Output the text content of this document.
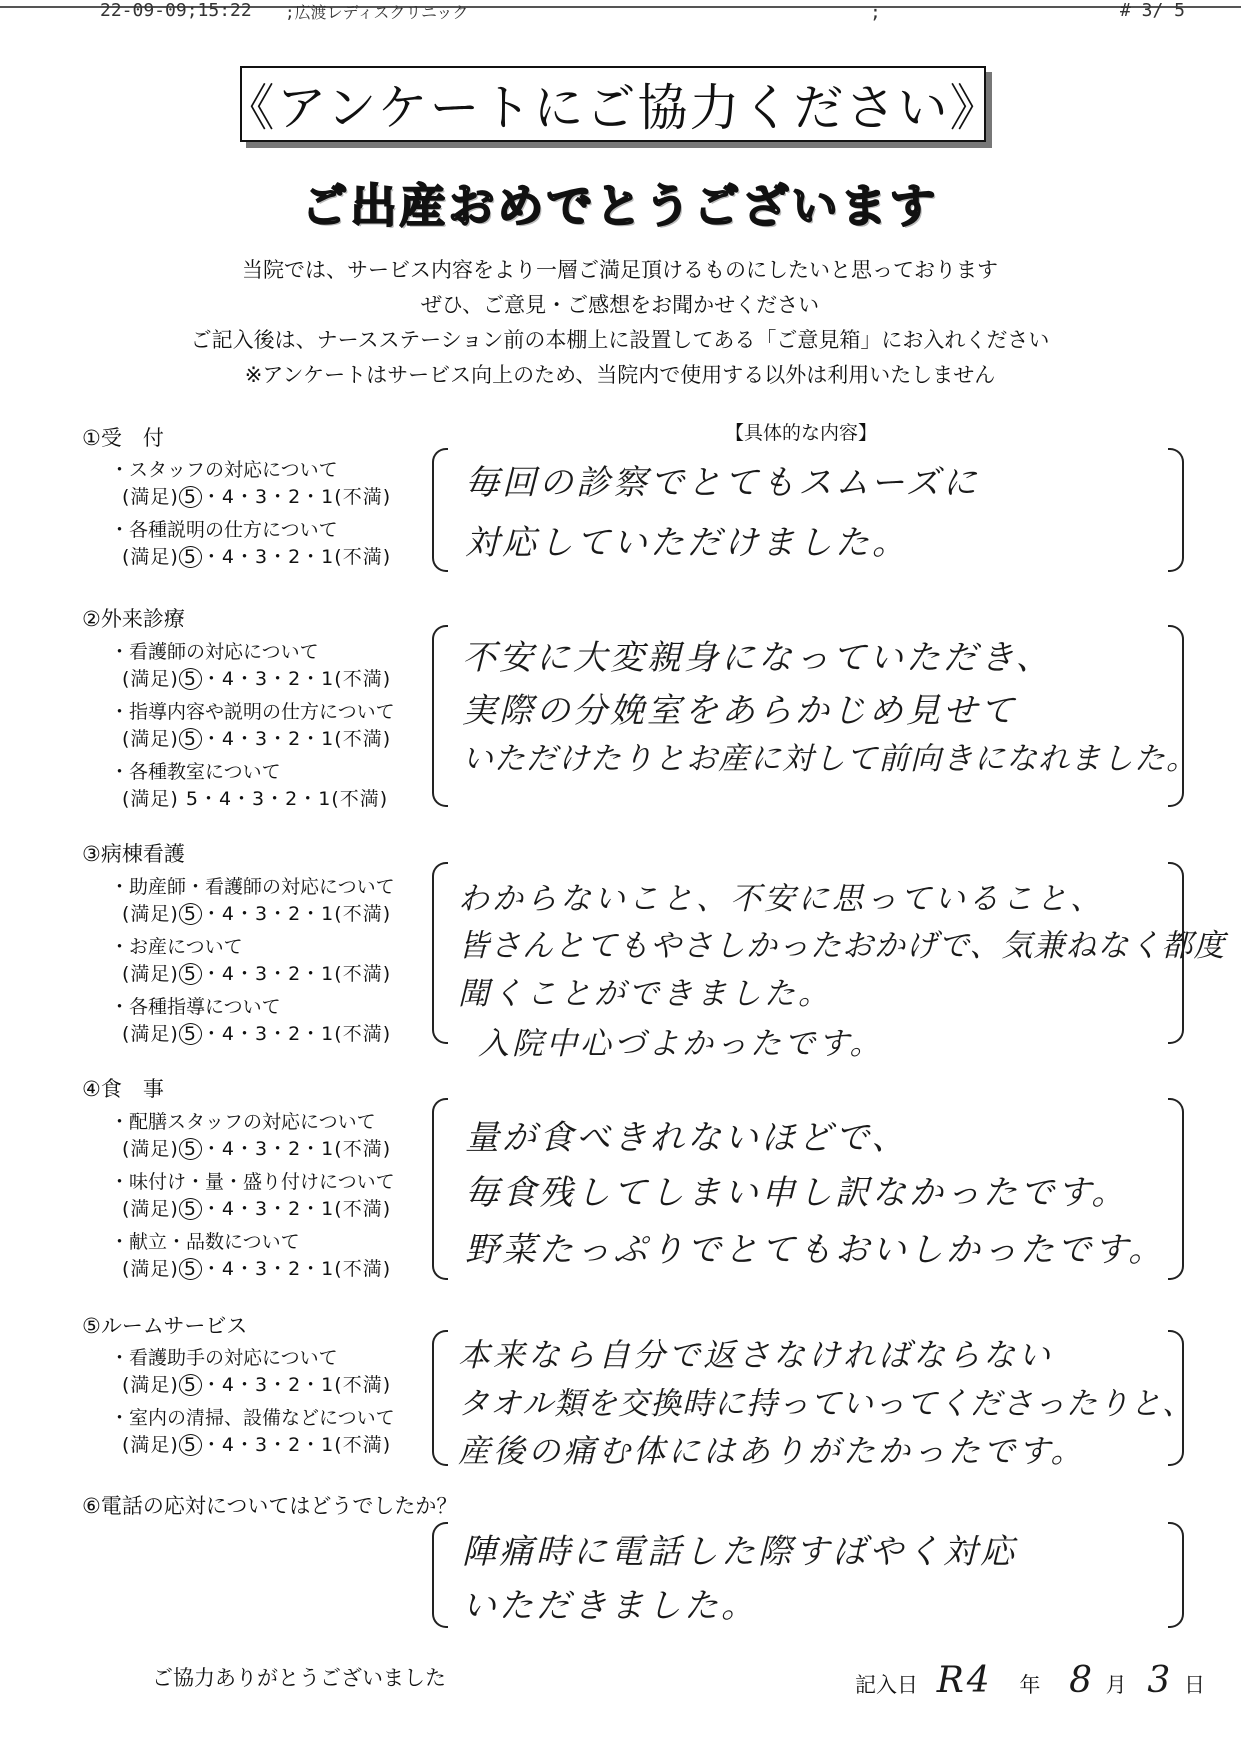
22-09-09;15:22 ;広渡レディスクリニック	;	# 3/ 5
《アンケートにご協力ください》
ご出産おめでとうございます
当院では、サービス内容をより一層ご満足頂けるものにしたいと思っております
ぜひ、ご意見・ご感想をお聞かせください
ご記入後は、ナースステーション前の本棚上に設置してある「ご意見箱」にお入れください
※アンケートはサービス向上のため、当院内で使用する以外は利用いたしません
【具体的な内容】
①受　付
・スタッフの対応について
(満足) 5 ・4・3・2・1(不満)
・各種説明の仕方について
(満足) 5 ・4・3・2・1(不満)
毎回の診察でとてもスムーズに
対応していただけました。
②外来診療
・看護師の対応について
(満足) 5 ・4・3・2・1(不満)
・指導内容や説明の仕方について
(満足) 5 ・4・3・2・1(不満)
・各種教室について
(満足) 5・4・3・2・1(不満)
不安に大変親身になっていただき、
実際の分娩室をあらかじめ見せて
いただけたりとお産に対して前向きになれました。
③病棟看護
・助産師・看護師の対応について
(満足) 5 ・4・3・2・1(不満)
・お産について
(満足) 5 ・4・3・2・1(不満)
・各種指導について
(満足) 5 ・4・3・2・1(不満)
わからないこと、不安に思っていること、
皆さんとてもやさしかったおかげで、気兼ねなく都度
聞くことができました。
入院中心づよかったです。
④食　事
・配膳スタッフの対応について
(満足) 5 ・4・3・2・1(不満)
・味付け・量・盛り付けについて
(満足) 5 ・4・3・2・1(不満)
・献立・品数について
(満足) 5 ・4・3・2・1(不満)
量が食べきれないほどで、
毎食残してしまい申し訳なかったです。
野菜たっぷりでとてもおいしかったです。
⑤ルームサービス
・看護助手の対応について
(満足) 5 ・4・3・2・1(不満)
・室内の清掃、設備などについて
(満足) 5 ・4・3・2・1(不満)
本来なら自分で返さなければならない
タオル類を交換時に持っていってくださったりと、
産後の痛む体にはありがたかったです。
⑥電話の応対についてはどうでしたか？
陣痛時に電話した際すばやく対応
いただきました。
ご協力ありがとうございました	記入日 R4 年 8 月 3 日
